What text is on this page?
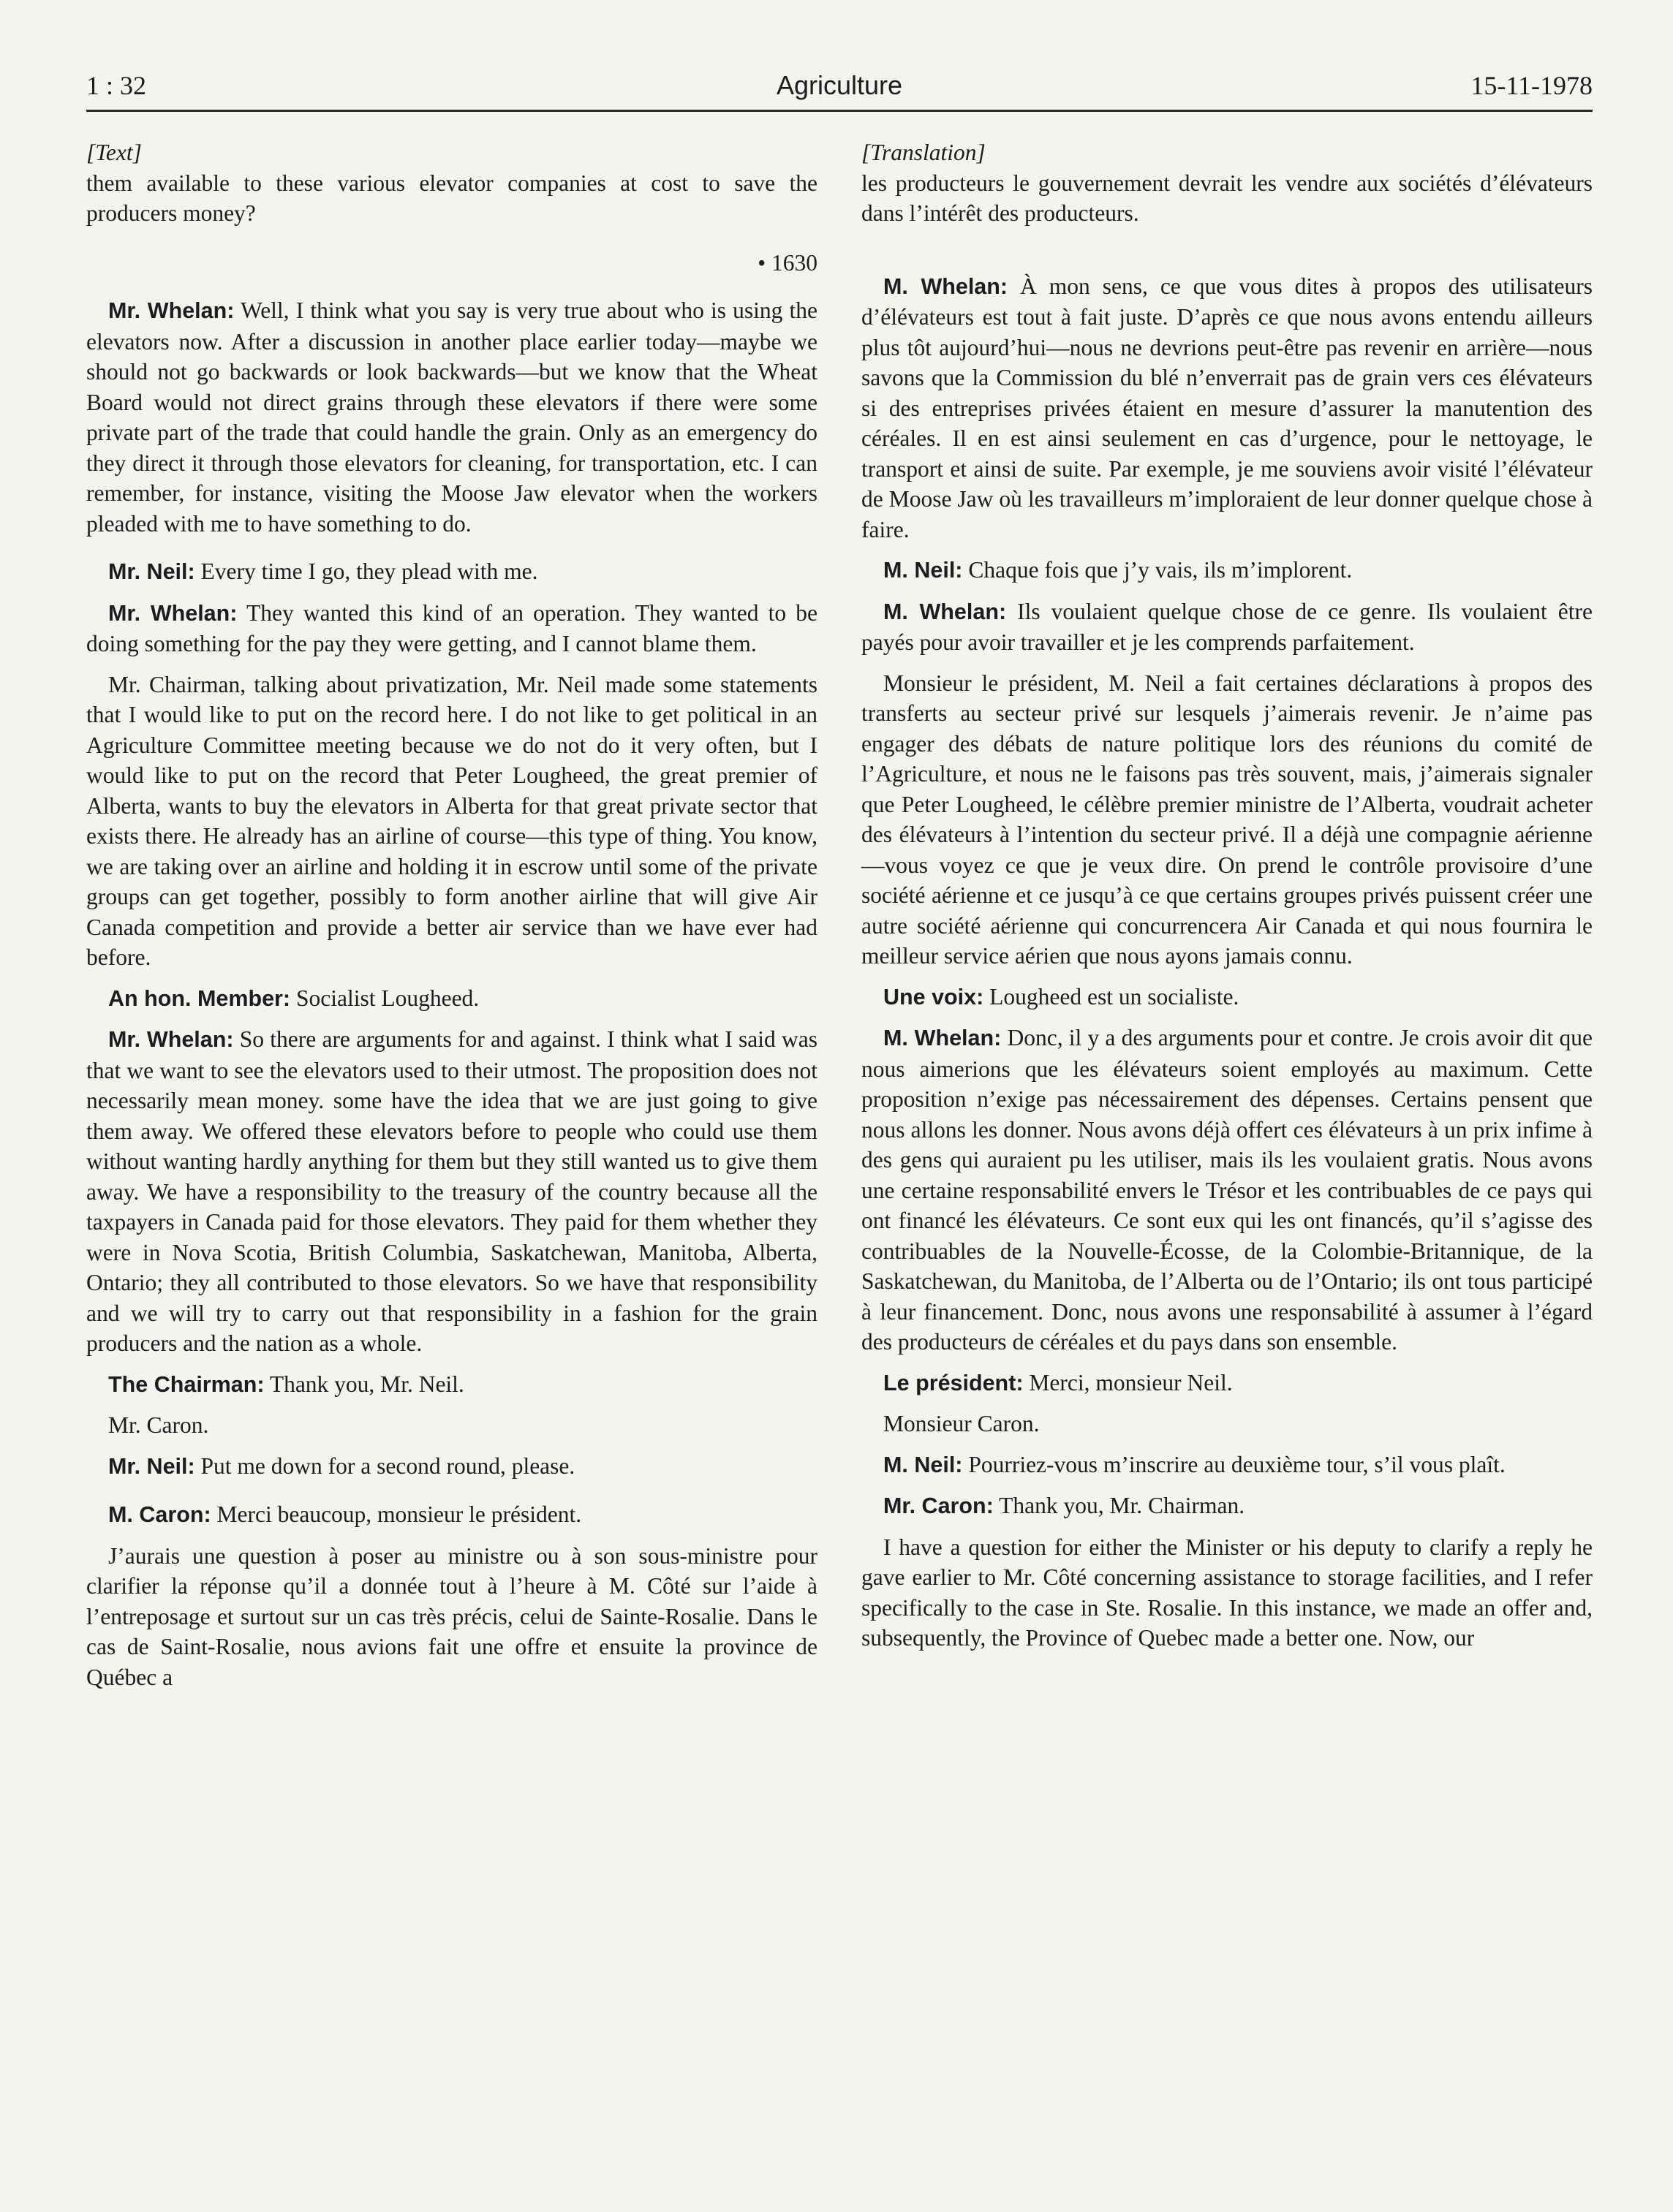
1 : 32	Agriculture	15-11-1978

[Text]

them available to these various elevator companies at cost to save the producers money?

• 1630

Mr. Whelan: Well, I think what you say is very true about who is using the elevators now. After a discussion in another place earlier today—maybe we should not go backwards or look backwards—but we know that the Wheat Board would not direct grains through these elevators if there were some private part of the trade that could handle the grain. Only as an emergency do they direct it through those elevators for cleaning, for transportation, etc. I can remember, for instance, visiting the Moose Jaw elevator when the workers pleaded with me to have something to do.

Mr. Neil: Every time I go, they plead with me.

Mr. Whelan: They wanted this kind of an operation. They wanted to be doing something for the pay they were getting, and I cannot blame them.

Mr. Chairman, talking about privatization, Mr. Neil made some statements that I would like to put on the record here. I do not like to get political in an Agriculture Committee meeting because we do not do it very often, but I would like to put on the record that Peter Lougheed, the great premier of Alberta, wants to buy the elevators in Alberta for that great private sector that exists there. He already has an airline of course—this type of thing. You know, we are taking over an airline and holding it in escrow until some of the private groups can get together, possibly to form another airline that will give Air Canada competition and provide a better air service than we have ever had before.

An hon. Member: Socialist Lougheed.

Mr. Whelan: So there are arguments for and against. I think what I said was that we want to see the elevators used to their utmost. The proposition does not necessarily mean money. some have the idea that we are just going to give them away. We offered these elevators before to people who could use them without wanting hardly anything for them but they still wanted us to give them away. We have a responsibility to the treasury of the country because all the taxpayers in Canada paid for those elevators. They paid for them whether they were in Nova Scotia, British Columbia, Saskatchewan, Manitoba, Alberta, Ontario; they all contributed to those elevators. So we have that responsibility and we will try to carry out that responsibility in a fashion for the grain producers and the nation as a whole.

The Chairman: Thank you, Mr. Neil.

Mr. Caron.

Mr. Neil: Put me down for a second round, please.

M. Caron: Merci beaucoup, monsieur le président.

J’aurais une question à poser au ministre ou à son sous-ministre pour clarifier la réponse qu’il a donnée tout à l’heure à M. Côté sur l’aide à l’entreposage et surtout sur un cas très précis, celui de Sainte-Rosalie. Dans le cas de Saint-Rosalie, nous avions fait une offre et ensuite la province de Québec a

[Translation]

les producteurs le gouvernement devrait les vendre aux sociétés d’élévateurs dans l’intérêt des producteurs.

M. Whelan: À mon sens, ce que vous dites à propos des utilisateurs d’élévateurs est tout à fait juste. D’après ce que nous avons entendu ailleurs plus tôt aujourd’hui—nous ne devrions peut-être pas revenir en arrière—nous savons que la Commission du blé n’enverrait pas de grain vers ces élévateurs si des entreprises privées étaient en mesure d’assurer la manutention des céréales. Il en est ainsi seulement en cas d’urgence, pour le nettoyage, le transport et ainsi de suite. Par exemple, je me souviens avoir visité l’élévateur de Moose Jaw où les travailleurs m’imploraient de leur donner quelque chose à faire.

M. Neil: Chaque fois que j’y vais, ils m’implorent.

M. Whelan: Ils voulaient quelque chose de ce genre. Ils voulaient être payés pour avoir travailler et je les comprends parfaitement.

Monsieur le président, M. Neil a fait certaines déclarations à propos des transferts au secteur privé sur lesquels j’aimerais revenir. Je n’aime pas engager des débats de nature politique lors des réunions du comité de l’Agriculture, et nous ne le faisons pas très souvent, mais, j’aimerais signaler que Peter Lougheed, le célèbre premier ministre de l’Alberta, voudrait acheter des élévateurs à l’intention du secteur privé. Il a déjà une compagnie aérienne—vous voyez ce que je veux dire. On prend le contrôle provisoire d’une société aérienne et ce jusqu’à ce que certains groupes privés puissent créer une autre société aérienne qui concurrencera Air Canada et qui nous fournira le meilleur service aérien que nous ayons jamais connu.

Une voix: Lougheed est un socialiste.

M. Whelan: Donc, il y a des arguments pour et contre. Je crois avoir dit que nous aimerions que les élévateurs soient employés au maximum. Cette proposition n’exige pas nécessairement des dépenses. Certains pensent que nous allons les donner. Nous avons déjà offert ces élévateurs à un prix infime à des gens qui auraient pu les utiliser, mais ils les voulaient gratis. Nous avons une certaine responsabilité envers le Trésor et les contribuables de ce pays qui ont financé les élévateurs. Ce sont eux qui les ont financés, qu’il s’agisse des contribuables de la Nouvelle-Écosse, de la Colombie-Britannique, de la Saskatchewan, du Manitoba, de l’Alberta ou de l’Ontario; ils ont tous participé à leur financement. Donc, nous avons une responsabilité à assumer à l’égard des producteurs de céréales et du pays dans son ensemble.

Le président: Merci, monsieur Neil.

Monsieur Caron.

M. Neil: Pourriez-vous m’inscrire au deuxième tour, s’il vous plaît.

Mr. Caron: Thank you, Mr. Chairman.

I have a question for either the Minister or his deputy to clarify a reply he gave earlier to Mr. Côté concerning assistance to storage facilities, and I refer specifically to the case in Ste. Rosalie. In this instance, we made an offer and, subsequently, the Province of Quebec made a better one. Now, our
